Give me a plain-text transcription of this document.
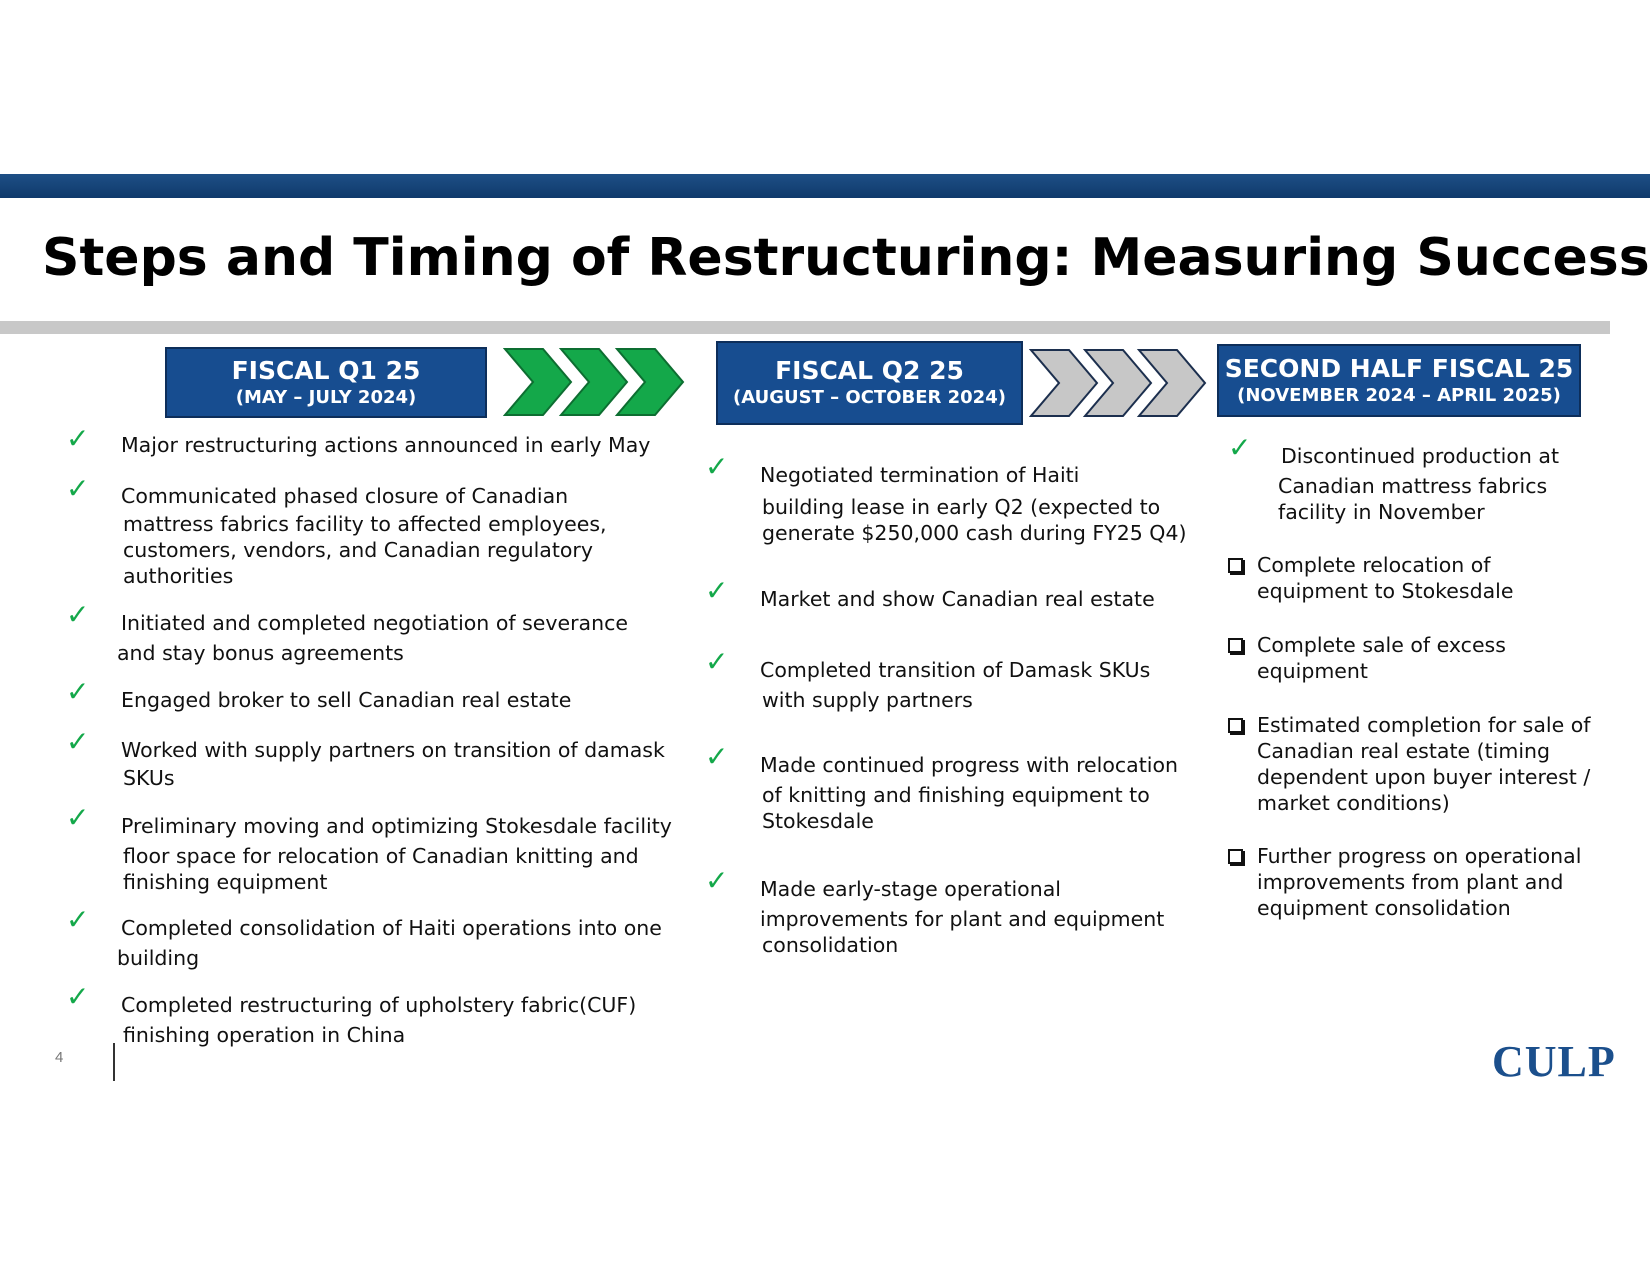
Steps and Timing of Restructuring: Measuring Success
FISCAL Q1 25
(MAY – JULY 2024)
FISCAL Q2 25
(AUGUST – OCTOBER 2024)
SECOND HALF FISCAL 25
(NOVEMBER 2024 – APRIL 2025)
✓ Major restructuring actions announced in early May
✓ Communicated phased closure of Canadian
mattress fabrics facility to affected employees,
customers, vendors, and Canadian regulatory
authorities
✓ Initiated and completed negotiation of severance
and stay bonus agreements
✓ Engaged broker to sell Canadian real estate
✓ Worked with supply partners on transition of damask
SKUs
✓ Preliminary moving and optimizing Stokesdale facility
floor space for relocation of Canadian knitting and
finishing equipment
✓ Completed consolidation of Haiti operations into one
building
✓ Completed restructuring of upholstery fabric(CUF)
finishing operation in China
✓ Negotiated termination of Haiti
building lease in early Q2 (expected to
generate $250,000 cash during FY25 Q4)
✓ Market and show Canadian real estate
✓ Completed transition of Damask SKUs
with supply partners
✓ Made continued progress with relocation
of knitting and finishing equipment to
Stokesdale
✓ Made early-stage operational
improvements for plant and equipment
consolidation
✓ Discontinued production at
Canadian mattress fabrics
facility in November
Complete relocation of
equipment to Stokesdale
Complete sale of excess
equipment
Estimated completion for sale of
Canadian real estate (timing
dependent upon buyer interest /
market conditions)
Further progress on operational
improvements from plant and
equipment consolidation
4	CULP
